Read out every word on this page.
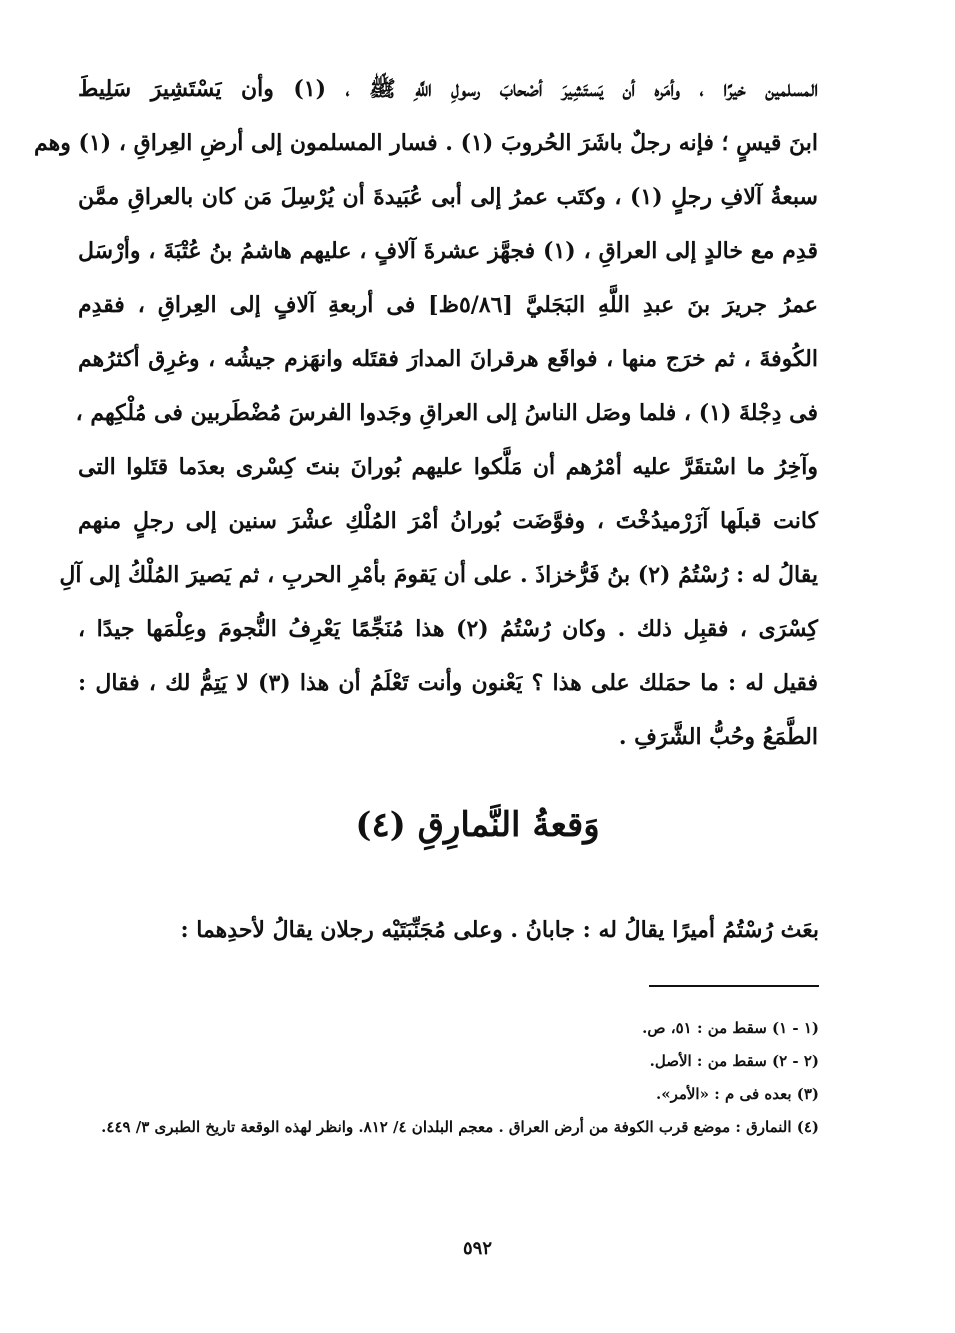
المسلمين خيرًا ، وأمَره أن يَستَشِيرَ أصْحابَ رسولِ اللَّهِ ﷺ ، (١) وأن يَسْتَشِيرَ سَلِيطَ
ابنَ قيسٍ ؛ فإنه رجلٌ باشَرَ الحُروبَ (١) . فسار المسلمون إلى أرضِ العِراقِ ، (١) وهم
سبعةُ آلافِ رجلٍ (١) ، وكتَب عمرُ إلى أبى عُبَيدةَ أن يُرْسِلَ مَن كان بالعراقِ ممَّن
قدِم مع خالدٍ إلى العراقِ ، (١) فجهَّز عشرةَ آلافٍ ، عليهم هاشمُ بنُ عُتْبَةَ ، وأرْسَل
عمرُ جريرَ بنَ عبدِ اللَّهِ البَجَليَّ [٥/٨٦ظ] فى أربعةِ آلافٍ إلى العِراقِ ، فقدِم
الكُوفةَ ، ثم خرَج منها ، فواقَع هرقرانَ المدارَ فقتَله وانهَزم جيشُه ، وغرِق أكثرُهم
فى دِجْلةَ (١) ، فلما وصَل الناسُ إلى العراقِ وجَدوا الفرسَ مُضْطَربين فى مُلْكِهم ،
وآخِرُ ما اسْتقَرَّ عليه أمْرُهم أن مَلَّكوا عليهم بُورانَ بنتَ كِسْرى بعدَما قتَلوا التى
كانت قبلَها آزَرْميدُخْتَ ، وفوَّضَت بُورانُ أمْرَ المُلْكِ عشْرَ سنين إلى رجلٍ منهم
يقالُ له : رُسْتُمُ (٢) بنُ فَرُّخزاذَ . على أن يَقومَ بأمْرِ الحربِ ، ثم يَصيرَ المُلْكُ إلى آلِ
كِسْرَى ، فقبِل ذلك . وكان رُسْتُمُ (٢) هذا مُنَجِّمًا يَعْرِفُ النُّجومَ وعِلْمَها جيدًا ،
فقيل له : ما حمَلك على هذا ؟ يَعْنون وأنت تَعْلَمُ أن هذا (٣) لا يَتِمُّ لك ، فقال :
الطَّمَعُ وحُبُّ الشَّرَفِ .
وَقعةُ النَّمارِقِ (٤)
بعَث رُسْتُمُ أميرًا يقالُ له : جابانُ . وعلى مُجَنِّبَتَيْه رجلان يقالُ لأحدِهما :
(١ - ١) سقط من : ٥١، ص.
(٢ - ٢) سقط من : الأصل.
(٣) بعده فى م : «الأمر».
(٤) النمارق : موضع قرب الكوفة من أرض العراق . معجم البلدان ٤/ ٨١٢. وانظر لهذه الوقعة تاريخ الطبرى ٣/ ٤٤٩.
٥٩٢
